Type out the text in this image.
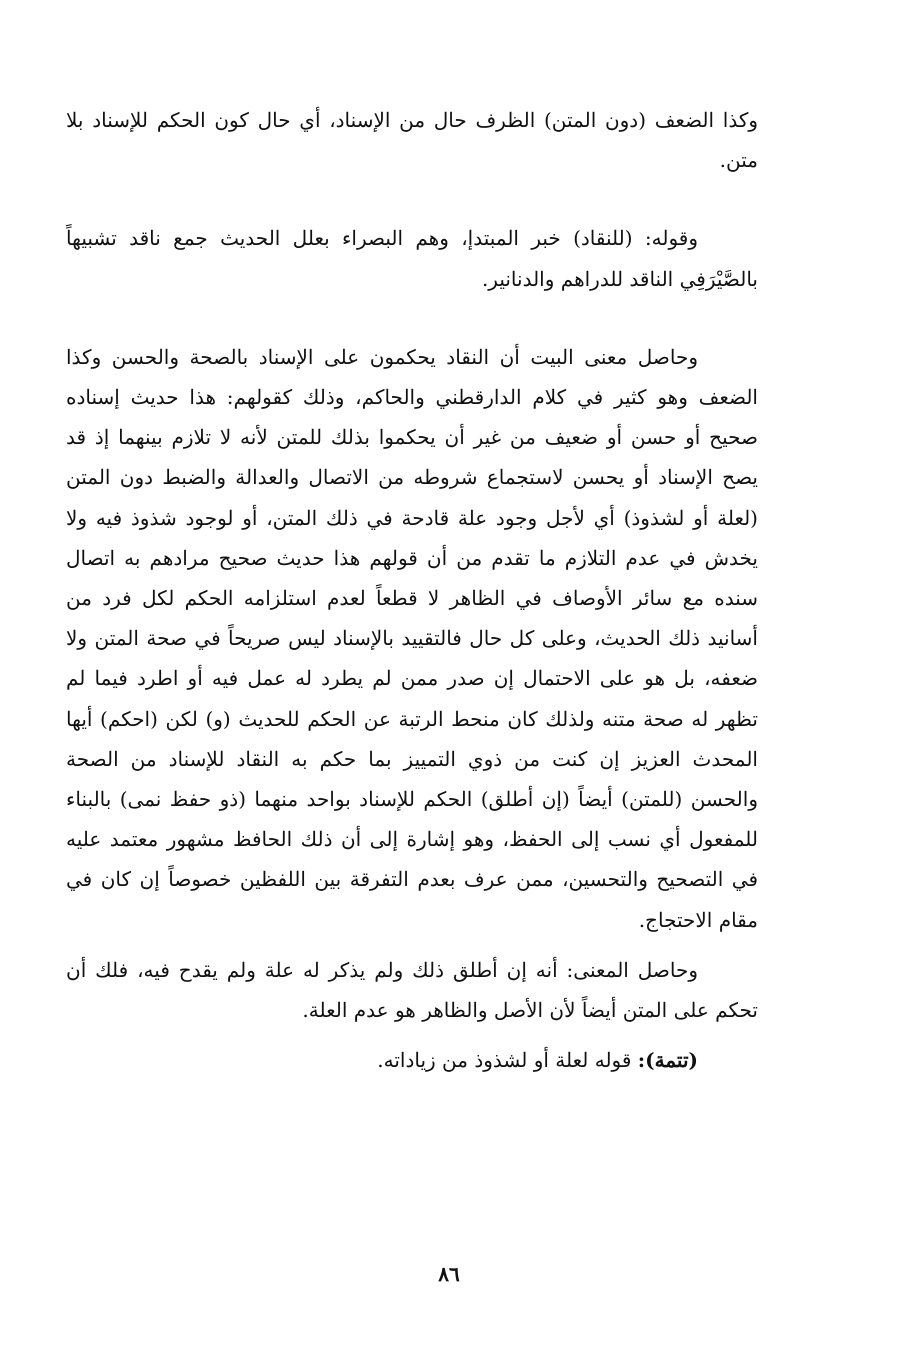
وكذا الضعف (دون المتن) الظرف حال من الإسناد، أي حال كون الحكم للإسناد بلا متن.

وقوله: (للنقاد) خبر المبتدإ، وهم البصراء بعلل الحديث جمع ناقد تشبيهاً بالصَّيْرَفِي الناقد للدراهم والدنانير.

وحاصل معنى البيت أن النقاد يحكمون على الإسناد بالصحة والحسن وكذا الضعف وهو كثير في كلام الدارقطني والحاكم، وذلك كقولهم: هذا حديث إسناده صحيح أو حسن أو ضعيف من غير أن يحكموا بذلك للمتن لأنه لا تلازم بينهما إذ قد يصح الإسناد أو يحسن لاستجماع شروطه من الاتصال والعدالة والضبط دون المتن (لعلة أو لشذوذ) أي لأجل وجود علة قادحة في ذلك المتن، أو لوجود شذوذ فيه ولا يخدش في عدم التلازم ما تقدم من أن قولهم هذا حديث صحيح مرادهم به اتصال سنده مع سائر الأوصاف في الظاهر لا قطعاً لعدم استلزامه الحكم لكل فرد من أسانيد ذلك الحديث، وعلى كل حال فالتقييد بالإسناد ليس صريحاً في صحة المتن ولا ضعفه، بل هو على الاحتمال إن صدر ممن لم يطرد له عمل فيه أو اطرد فيما لم تظهر له صحة متنه ولذلك كان منحط الرتبة عن الحكم للحديث (و) لكن (احكم) أيها المحدث العزيز إن كنت من ذوي التمييز بما حكم به النقاد للإسناد من الصحة والحسن (للمتن) أيضاً (إن أطلق) الحكم للإسناد بواحد منهما (ذو حفظ نمى) بالبناء للمفعول أي نسب إلى الحفظ، وهو إشارة إلى أن ذلك الحافظ مشهور معتمد عليه في التصحيح والتحسين، ممن عرف بعدم التفرقة بين اللفظين خصوصاً إن كان في مقام الاحتجاج.

وحاصل المعنى: أنه إن أطلق ذلك ولم يذكر له علة ولم يقدح فيه، فلك أن تحكم على المتن أيضاً لأن الأصل والظاهر هو عدم العلة.

(تتمة): قوله لعلة أو لشذوذ من زياداته.

٨٦
